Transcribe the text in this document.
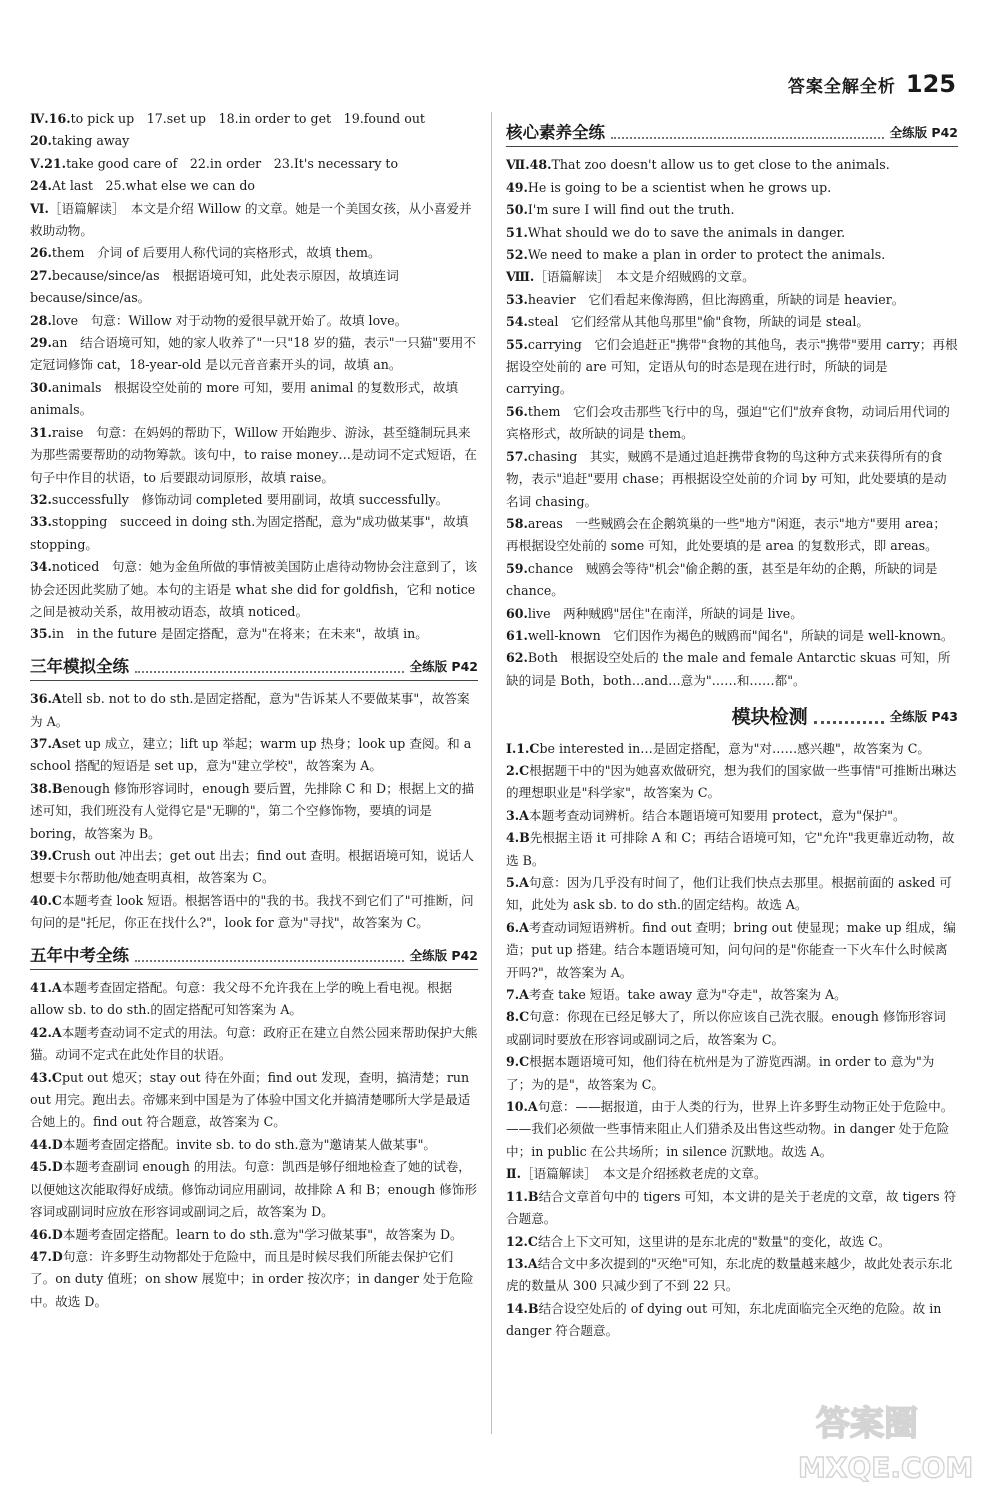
答案全解全析 125

Ⅳ.16.to pick up　17.set up　18.in order to get　19.found out

20.taking away

Ⅴ.21.take good care of　22.in order　23.It's necessary to

24.At last　25.what else we can do

Ⅵ.［语篇解读］　本文是介绍 Willow 的文章。她是一个美国女孩，从小喜爱并救助动物。

26.them　介词 of 后要用人称代词的宾格形式，故填 them。

27.because/since/as　根据语境可知，此处表示原因，故填连词 because/since/as。

28.love　句意：Willow 对于动物的爱很早就开始了。故填 love。

29.an　结合语境可知，她的家人收养了"一只"18 岁的猫，表示"一只猫"要用不定冠词修饰 cat，18-year-old 是以元音音素开头的词，故填 an。

30.animals　根据设空处前的 more 可知，要用 animal 的复数形式，故填 animals。

31.raise　句意：在妈妈的帮助下，Willow 开始跑步、游泳，甚至缝制玩具来为那些需要帮助的动物筹款。该句中，to raise money…是动词不定式短语，在句子中作目的状语，to 后要跟动词原形，故填 raise。

32.successfully　修饰动词 completed 要用副词，故填 successfully。

33.stopping　succeed in doing sth.为固定搭配，意为"成功做某事"，故填 stopping。

34.noticed　句意：她为金鱼所做的事情被美国防止虐待动物协会注意到了，该协会还因此奖励了她。本句的主语是 what she did for goldfish，它和 notice 之间是被动关系，故用被动语态，故填 noticed。

35.in　in the future 是固定搭配，意为"在将来；在未来"，故填 in。

三年模拟全练	全练版 P42

36.Atell sb. not to do sth.是固定搭配，意为"告诉某人不要做某事"，故答案为 A。

37.Aset up 成立，建立；lift up 举起；warm up 热身；look up 查阅。和 a school 搭配的短语是 set up，意为"建立学校"，故答案为 A。

38.Benough 修饰形容词时，enough 要后置，先排除 C 和 D；根据上文的描述可知，我们班没有人觉得它是"无聊的"，第二个空修饰物，要填的词是 boring，故答案为 B。

39.Crush out 冲出去；get out 出去；find out 查明。根据语境可知，说话人想要卡尔帮助他/她查明真相，故答案为 C。

40.C本题考查 look 短语。根据答语中的"我的书。我找不到它们了"可推断，问句问的是"托尼，你正在找什么?"，look for 意为"寻找"，故答案为 C。

五年中考全练	全练版 P42

41.A本题考查固定搭配。句意：我父母不允许我在上学的晚上看电视。根据 allow sb. to do sth.的固定搭配可知答案为 A。

42.A本题考查动词不定式的用法。句意：政府正在建立自然公园来帮助保护大熊猫。动词不定式在此处作目的状语。

43.Cput out 熄灭；stay out 待在外面；find out 发现，查明，搞清楚；run out 用完。跑出去。帝娜来到中国是为了体验中国文化并搞清楚哪所大学是最适合她上的。find out 符合题意，故答案为 C。

44.D本题考查固定搭配。invite sb. to do sth.意为"邀请某人做某事"。

45.D本题考查副词 enough 的用法。句意：凯西是够仔细地检查了她的试卷，以便她这次能取得好成绩。修饰动词应用副词，故排除 A 和 B；enough 修饰形容词或副词时应放在形容词或副词之后，故答案为 D。

46.D本题考查固定搭配。learn to do sth.意为"学习做某事"，故答案为 D。

47.D句意：许多野生动物都处于危险中，而且是时候尽我们所能去保护它们了。on duty 值班；on show 展览中；in order 按次序；in danger 处于危险中。故选 D。

核心素养全练	全练版 P42

Ⅶ.48.That zoo doesn't allow us to get close to the animals.

49.He is going to be a scientist when he grows up.

50.I'm sure I will find out the truth.

51.What should we do to save the animals in danger.

52.We need to make a plan in order to protect the animals.

Ⅷ.［语篇解读］　本文是介绍贼鸥的文章。

53.heavier　它们看起来像海鸥，但比海鸥重，所缺的词是 heavier。

54.steal　它们经常从其他鸟那里"偷"食物，所缺的词是 steal。

55.carrying　它们会追赶正"携带"食物的其他鸟，表示"携带"要用 carry；再根据设空处前的 are 可知，定语从句的时态是现在进行时，所缺的词是 carrying。

56.them　它们会攻击那些飞行中的鸟，强迫"它们"放弃食物，动词后用代词的宾格形式，故所缺的词是 them。

57.chasing　其实，贼鸥不是通过追赶携带食物的鸟这种方式来获得所有的食物，表示"追赶"要用 chase；再根据设空处前的介词 by 可知，此处要填的是动名词 chasing。

58.areas　一些贼鸥会在企鹅筑巢的一些"地方"闲逛，表示"地方"要用 area；再根据设空处前的 some 可知，此处要填的是 area 的复数形式，即 areas。

59.chance　贼鸥会等待"机会"偷企鹅的蛋，甚至是年幼的企鹅，所缺的词是 chance。

60.live　两种贼鸥"居住"在南洋，所缺的词是 live。

61.well-known　它们因作为褐色的贼鸥而"闻名"，所缺的词是 well-known。

62.Both　根据设空处后的 the male and female Antarctic skuas 可知，所缺的词是 Both，both…and…意为"……和……都"。

模块检测	全练版 P43

Ⅰ.1.Cbe interested in…是固定搭配，意为"对……感兴趣"，故答案为 C。

2.C根据题干中的"因为她喜欢做研究，想为我们的国家做一些事情"可推断出琳达的理想职业是"科学家"，故答案为 C。

3.A本题考查动词辨析。结合本题语境可知要用 protect，意为"保护"。

4.B先根据主语 it 可排除 A 和 C；再结合语境可知，它"允许"我更靠近动物，故选 B。

5.A句意：因为几乎没有时间了，他们让我们快点去那里。根据前面的 asked 可知，此处为 ask sb. to do sth.的固定结构。故选 A。

6.A考查动词短语辨析。find out 查明；bring out 使显现；make up 组成，编造；put up 搭建。结合本题语境可知，问句问的是"你能查一下火车什么时候离开吗?"，故答案为 A。

7.A考查 take 短语。take away 意为"夺走"，故答案为 A。

8.C句意：你现在已经足够大了，所以你应该自己洗衣服。enough 修饰形容词或副词时要放在形容词或副词之后，故答案为 C。

9.C根据本题语境可知，他们待在杭州是为了游览西湖。in order to 意为"为了；为的是"，故答案为 C。

10.A句意：——据报道，由于人类的行为，世界上许多野生动物正处于危险中。——我们必须做一些事情来阻止人们猎杀及出售这些动物。in danger 处于危险中；in public 在公共场所；in silence 沉默地。故选 A。

Ⅱ.［语篇解读］　本文是介绍拯救老虎的文章。

11.B结合文章首句中的 tigers 可知，本文讲的是关于老虎的文章，故 tigers 符合题意。

12.C结合上下文可知，这里讲的是东北虎的"数量"的变化，故选 C。

13.A结合文中多次提到的"灭绝"可知，东北虎的数量越来越少，故此处表示东北虎的数量从 300 只减少到了不到 22 只。

14.B结合设空处后的 of dying out 可知，东北虎面临完全灭绝的危险。故 in danger 符合题意。

答案圈
MXQE.COM
